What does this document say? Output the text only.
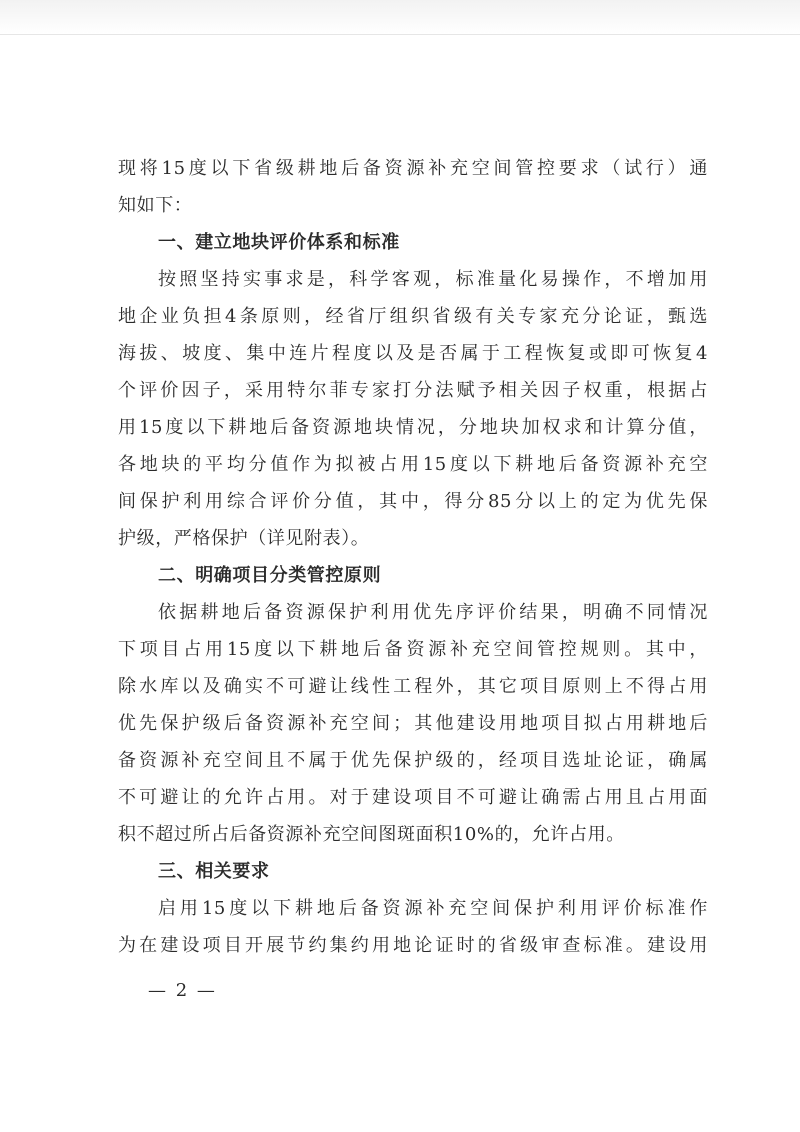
现将15度以下省级耕地后备资源补充空间管控要求（试行）通
知如下：
一、建立地块评价体系和标准
按照坚持实事求是，科学客观，标准量化易操作，不增加用
地企业负担4条原则，经省厅组织省级有关专家充分论证，甄选
海拔、坡度、集中连片程度以及是否属于工程恢复或即可恢复4
个评价因子，采用特尔菲专家打分法赋予相关因子权重，根据占
用15度以下耕地后备资源地块情况，分地块加权求和计算分值，
各地块的平均分值作为拟被占用15度以下耕地后备资源补充空
间保护利用综合评价分值，其中，得分85分以上的定为优先保
护级，严格保护（详见附表）。
二、明确项目分类管控原则
依据耕地后备资源保护利用优先序评价结果，明确不同情况
下项目占用15度以下耕地后备资源补充空间管控规则。其中，
除水库以及确实不可避让线性工程外，其它项目原则上不得占用
优先保护级后备资源补充空间；其他建设用地项目拟占用耕地后
备资源补充空间且不属于优先保护级的，经项目选址论证，确属
不可避让的允许占用。对于建设项目不可避让确需占用且占用面
积不超过所占后备资源补充空间图斑面积10%的，允许占用。
三、相关要求
启用15度以下耕地后备资源补充空间保护利用评价标准作
为在建设项目开展节约集约用地论证时的省级审查标准。建设用
— 2 —
